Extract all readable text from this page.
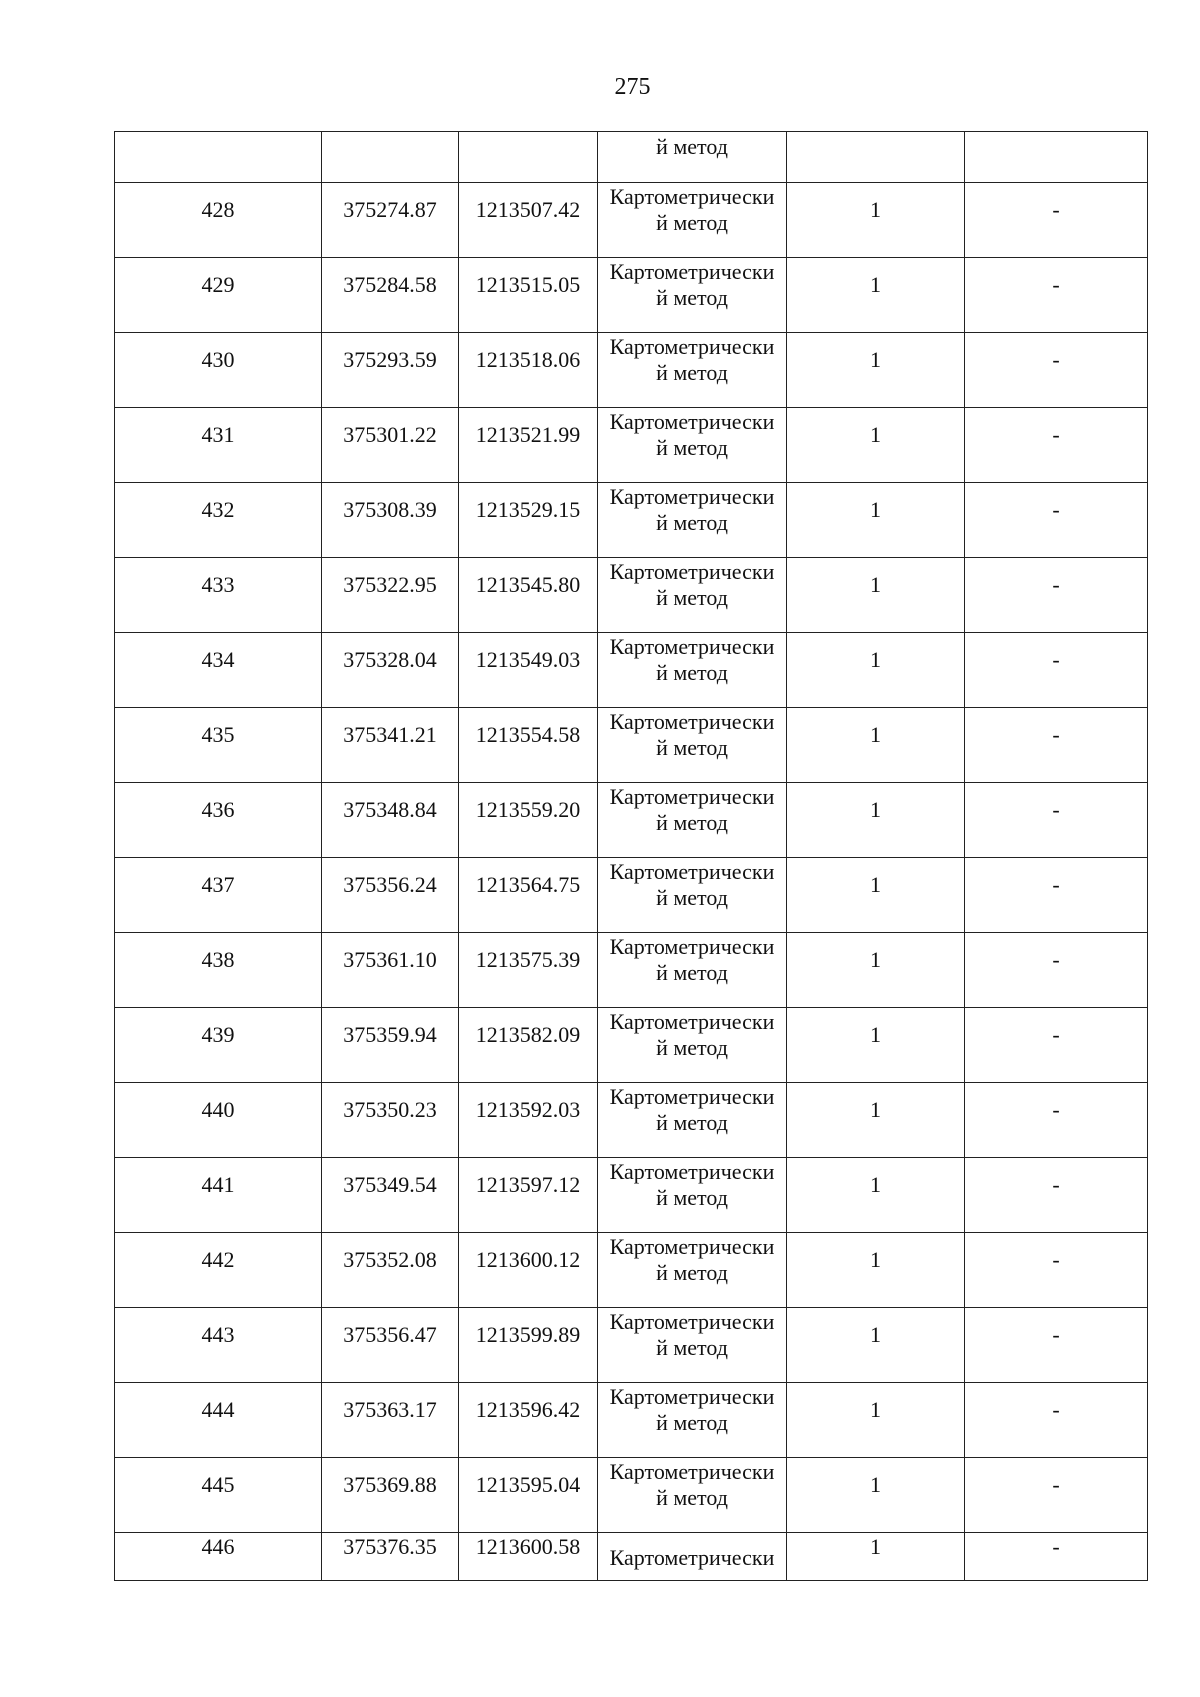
275

			й метод		

428	375274.87	1213507.42	Картометрически
й метод	1	-

429	375284.58	1213515.05	Картометрически
й метод	1	-

430	375293.59	1213518.06	Картометрически
й метод	1	-

431	375301.22	1213521.99	Картометрически
й метод	1	-

432	375308.39	1213529.15	Картометрически
й метод	1	-

433	375322.95	1213545.80	Картометрически
й метод	1	-

434	375328.04	1213549.03	Картометрически
й метод	1	-

435	375341.21	1213554.58	Картометрически
й метод	1	-

436	375348.84	1213559.20	Картометрически
й метод	1	-

437	375356.24	1213564.75	Картометрически
й метод	1	-

438	375361.10	1213575.39	Картометрически
й метод	1	-

439	375359.94	1213582.09	Картометрически
й метод	1	-

440	375350.23	1213592.03	Картометрически
й метод	1	-

441	375349.54	1213597.12	Картометрически
й метод	1	-

442	375352.08	1213600.12	Картометрически
й метод	1	-

443	375356.47	1213599.89	Картометрически
й метод	1	-

444	375363.17	1213596.42	Картометрически
й метод	1	-

445	375369.88	1213595.04	Картометрически
й метод	1	-

446	375376.35	1213600.58	Картометрически	1	-
